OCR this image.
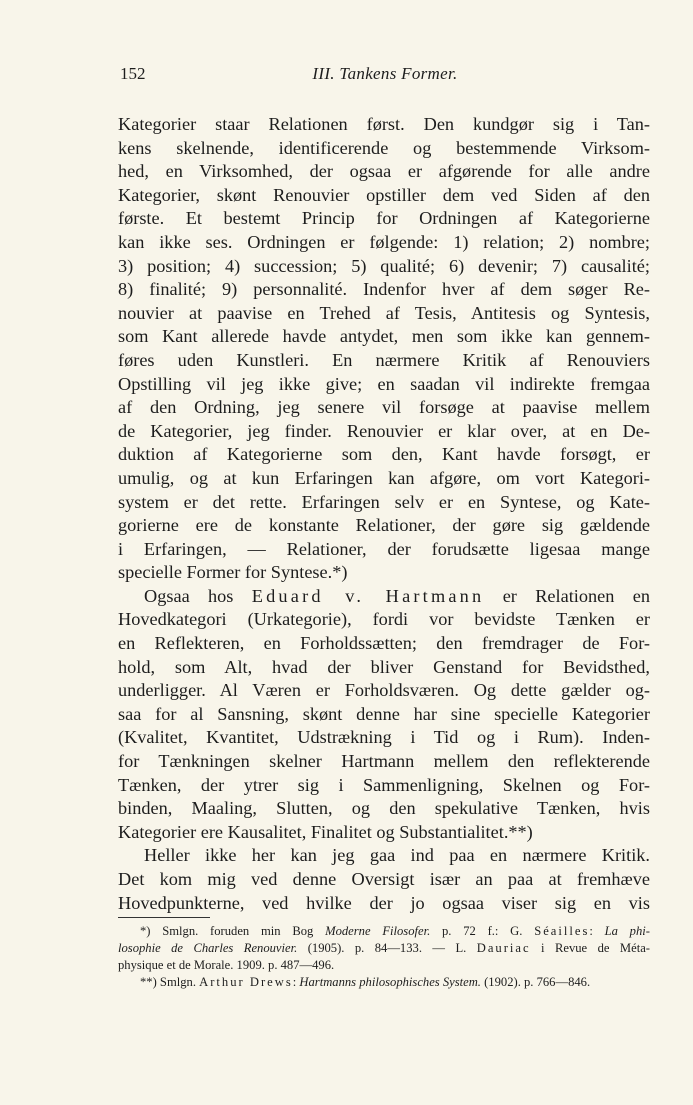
III. Tankens Former.
152
Kategorier staar Relationen først. Den kundgør sig i Tan-
kens skelnende, identificerende og bestemmende Virksom-
hed, en Virksomhed, der ogsaa er afgørende for alle andre
Kategorier, skønt Renouvier opstiller dem ved Siden af den
første. Et bestemt Princip for Ordningen af Kategorierne
kan ikke ses. Ordningen er følgende: 1) relation; 2) nombre;
3) position; 4) succession; 5) qualité; 6) devenir; 7) causalité;
8) finalité; 9) personnalité. Indenfor hver af dem søger Re-
nouvier at paavise en Trehed af Tesis, Antitesis og Syntesis,
som Kant allerede havde antydet, men som ikke kan gennem-
føres uden Kunstleri. En nærmere Kritik af Renouviers
Opstilling vil jeg ikke give; en saadan vil indirekte fremgaa
af den Ordning, jeg senere vil forsøge at paavise mellem
de Kategorier, jeg finder. Renouvier er klar over, at en De-
duktion af Kategorierne som den, Kant havde forsøgt, er
umulig, og at kun Erfaringen kan afgøre, om vort Kategori-
system er det rette. Erfaringen selv er en Syntese, og Kate-
gorierne ere de konstante Relationer, der gøre sig gældende
i Erfaringen, — Relationer, der forudsætte ligesaa mange
specielle Former for Syntese.*)
Ogsaa hos Eduard v. Hartmann er Relationen en
Hovedkategori (Urkategorie), fordi vor bevidste Tænken er
en Reflekteren, en Forholdssætten; den fremdrager de For-
hold, som Alt, hvad der bliver Genstand for Bevidsthed,
underligger. Al Væren er Forholdsværen. Og dette gælder og-
saa for al Sansning, skønt denne har sine specielle Kategorier
(Kvalitet, Kvantitet, Udstrækning i Tid og i Rum). Inden-
for Tænkningen skelner Hartmann mellem den reflekterende
Tænken, der ytrer sig i Sammenligning, Skelnen og For-
binden, Maaling, Slutten, og den spekulative Tænken, hvis
Kategorier ere Kausalitet, Finalitet og Substantialitet.**)
Heller ikke her kan jeg gaa ind paa en nærmere Kritik.
Det kom mig ved denne Oversigt især an paa at fremhæve
Hovedpunkterne, ved hvilke der jo ogsaa viser sig en vis
*) Smlgn. foruden min Bog Moderne Filosofer. p. 72 f.: G. Séailles: La phi-
losophie de Charles Renouvier. (1905). p. 84—133. — L. Dauriac i Revue de Méta-
physique et de Morale. 1909. p. 487—496.
**) Smlgn. Arthur Drews: Hartmanns philosophisches System. (1902). p. 766—846.
